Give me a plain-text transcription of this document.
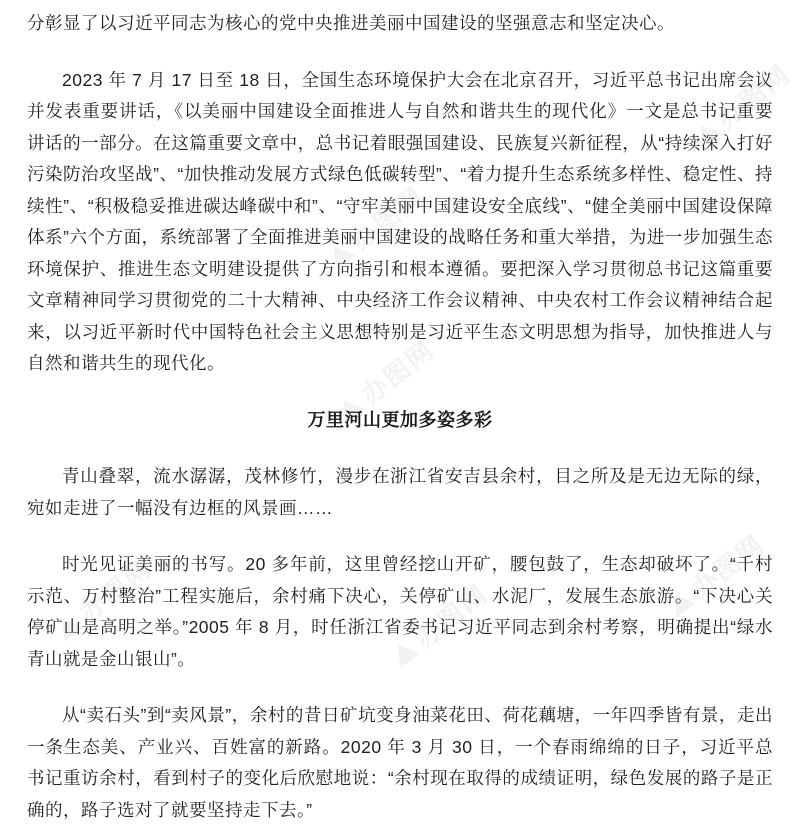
办图网
办图网
办图网
办图网	办图网
办图网

分彰显了以习近平同志为核心的党中央推进美丽中国建设的坚强意志和坚定决心。

2023 年 7 月 17 日至 18 日，全国生态环境保护大会在北京召开，习近平总书记出席会议并发表重要讲话，《以美丽中国建设全面推进人与自然和谐共生的现代化》一文是总书记重要讲话的一部分。在这篇重要文章中，总书记着眼强国建设、民族复兴新征程，从“持续深入打好污染防治攻坚战”、“加快推动发展方式绿色低碳转型”、“着力提升生态系统多样性、稳定性、持续性”、“积极稳妥推进碳达峰碳中和”、“守牢美丽中国建设安全底线”、“健全美丽中国建设保障体系”六个方面，系统部署了全面推进美丽中国建设的战略任务和重大举措，为进一步加强生态环境保护、推进生态文明建设提供了方向指引和根本遵循。要把深入学习贯彻总书记这篇重要文章精神同学习贯彻党的二十大精神、中央经济工作会议精神、中央农村工作会议精神结合起来，以习近平新时代中国特色社会主义思想特别是习近平生态文明思想为指导，加快推进人与自然和谐共生的现代化。

万里河山更加多姿多彩

青山叠翠，流水潺潺，茂林修竹，漫步在浙江省安吉县余村，目之所及是无边无际的绿，宛如走进了一幅没有边框的风景画……

时光见证美丽的书写。20 多年前，这里曾经挖山开矿，腰包鼓了，生态却破坏了。“千村示范、万村整治”工程实施后，余村痛下决心，关停矿山、水泥厂，发展生态旅游。“下决心关停矿山是高明之举。”2005 年 8 月，时任浙江省委书记习近平同志到余村考察，明确提出“绿水青山就是金山银山”。

从“卖石头”到“卖风景”，余村的昔日矿坑变身油菜花田、荷花藕塘，一年四季皆有景，走出一条生态美、产业兴、百姓富的新路。2020 年 3 月 30 日，一个春雨绵绵的日子，习近平总书记重访余村，看到村子的变化后欣慰地说：“余村现在取得的成绩证明，绿色发展的路子是正确的，路子选对了就要坚持走下去。”
